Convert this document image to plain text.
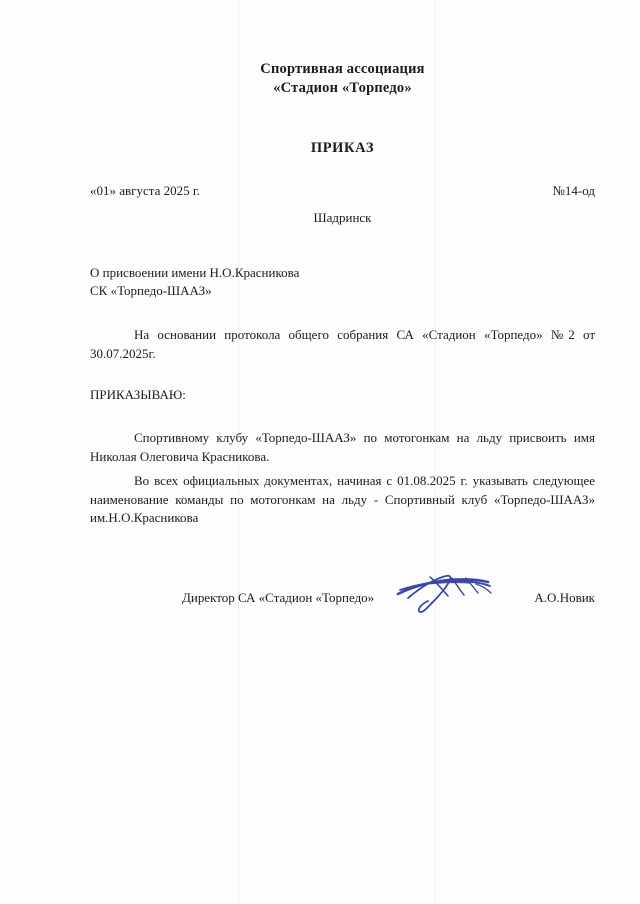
Спортивная ассоциация
«Стадион «Торпедо»
ПРИКАЗ
«01» августа 2025 г.	№14-од
Шадринск
О присвоении имени Н.О.Красникова
СК «Торпедо-ШААЗ»
На основании протокола общего собрания СА «Стадион «Торпедо» №2 от 30.07.2025г.
ПРИКАЗЫВАЮ:
Спортивному клубу «Торпедо-ШААЗ» по мотогонкам на льду присвоить имя Николая Олеговича Красникова.
Во всех официальных документах, начиная с 01.08.2025 г. указывать следующее наименование команды по мотогонкам на льду - Спортивный клуб «Торпедо-ШААЗ» им.Н.О.Красникова
Директор СА «Стадион «Торпедо»	А.О.Новик
